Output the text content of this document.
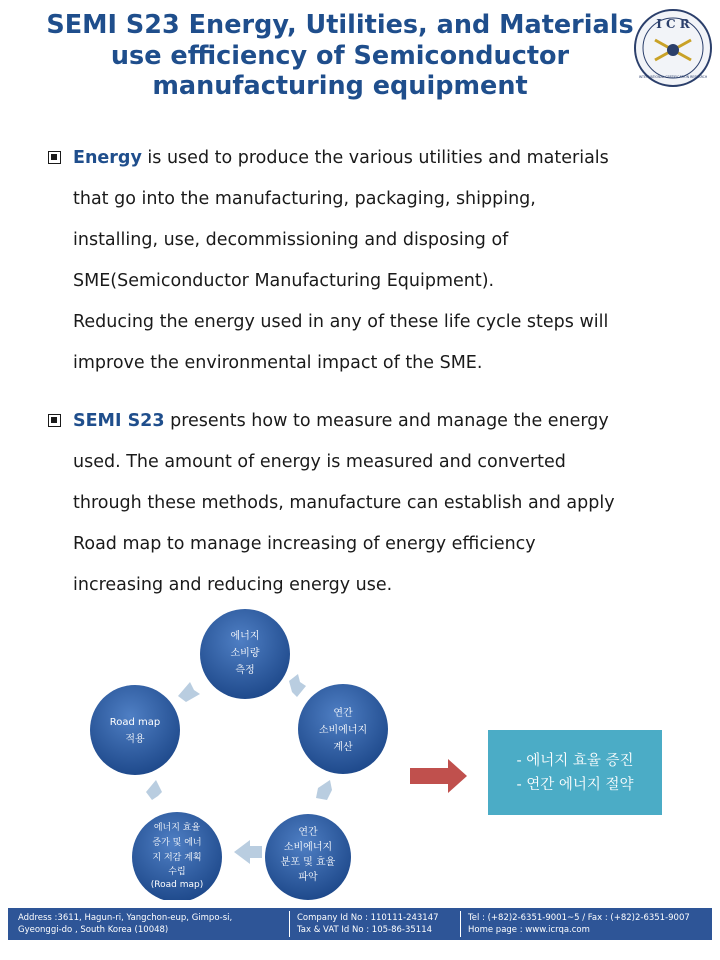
SEMI S23 Energy, Utilities, and Materials
use efficiency of Semiconductor
manufacturing equipment
I C R
INTERNATIONAL CERTIFICATION RESEARCH
Energy is used to produce the various utilities and materials
that go into the manufacturing, packaging, shipping,
installing, use, decommissioning and disposing of
SME(Semiconductor Manufacturing Equipment).
Reducing the energy used in any of these life cycle steps will
improve the environmental impact of the SME.
SEMI S23 presents how to measure and manage the energy
used. The amount of energy is measured and converted
through these methods, manufacture can establish and apply
Road map to manage increasing of energy efficiency
increasing and reducing energy use.
에너지
소비량
측정
연간
소비에너지
계산
연간
소비에너지
분포 및 효율
파악
에너지 효율
증가 및 에너
지 저감 계획
수립
(Road map)
Road map
적용
- 에너지 효율 증진
- 연간 에너지 절약
Address :3611, Hagun-ri, Yangchon-eup, Gimpo-si,
Gyeonggi-do , South Korea (10048)
Company Id No : 110111-243147
Tax & VAT Id No : 105-86-35114
Tel : (+82)2-6351-9001~5 / Fax : (+82)2-6351-9007
Home page : www.icrqa.com
